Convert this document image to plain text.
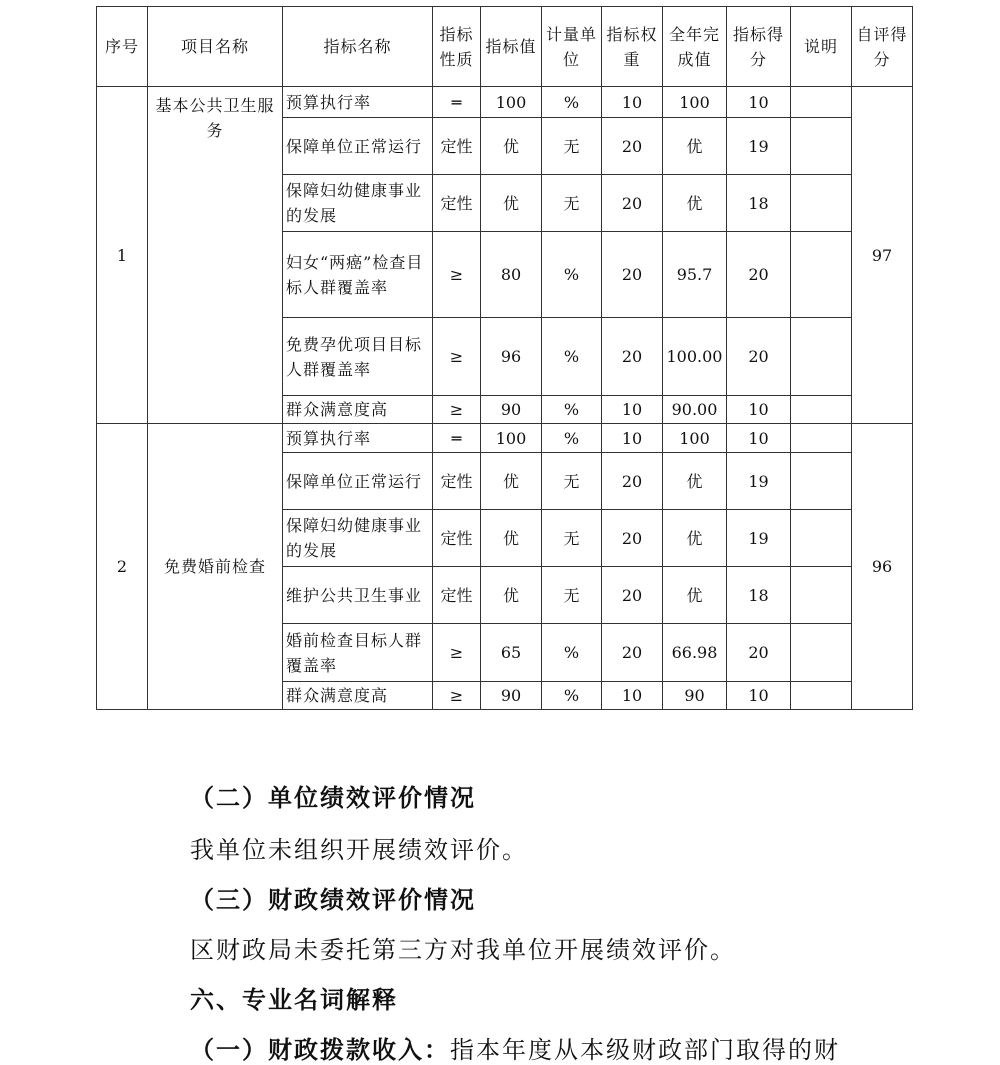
序号	项目名称	指标名称	指标性质	指标值	计量单位	指标权重	全年完成值	指标得分	说明	自评得分
1	基本公共卫生服务	预算执行率	═	100	%	10	100	10		97
		保障单位正常运行	定性	优	无	20	优	19		
		保障妇幼健康事业的发展	定性	优	无	20	优	18		
		妇女“两癌”检查目标人群覆盖率	≥	80	%	20	95.7	20		
		免费孕优项目目标人群覆盖率	≥	96	%	20	100.00	20		
		群众满意度高	≥	90	%	10	90.00	10		
2	免费婚前检查	预算执行率	═	100	%	10	100	10		96
		保障单位正常运行	定性	优	无	20	优	19		
		保障妇幼健康事业的发展	定性	优	无	20	优	19		
		维护公共卫生事业	定性	优	无	20	优	18		
		婚前检查目标人群覆盖率	≥	65	%	20	66.98	20		
		群众满意度高	≥	90	%	10	90	10		
（二）单位绩效评价情况
我单位未组织开展绩效评价。
（三）财政绩效评价情况
区财政局未委托第三方对我单位开展绩效评价。
六、专业名词解释
（一）财政拨款收入：指本年度从本级财政部门取得的财
